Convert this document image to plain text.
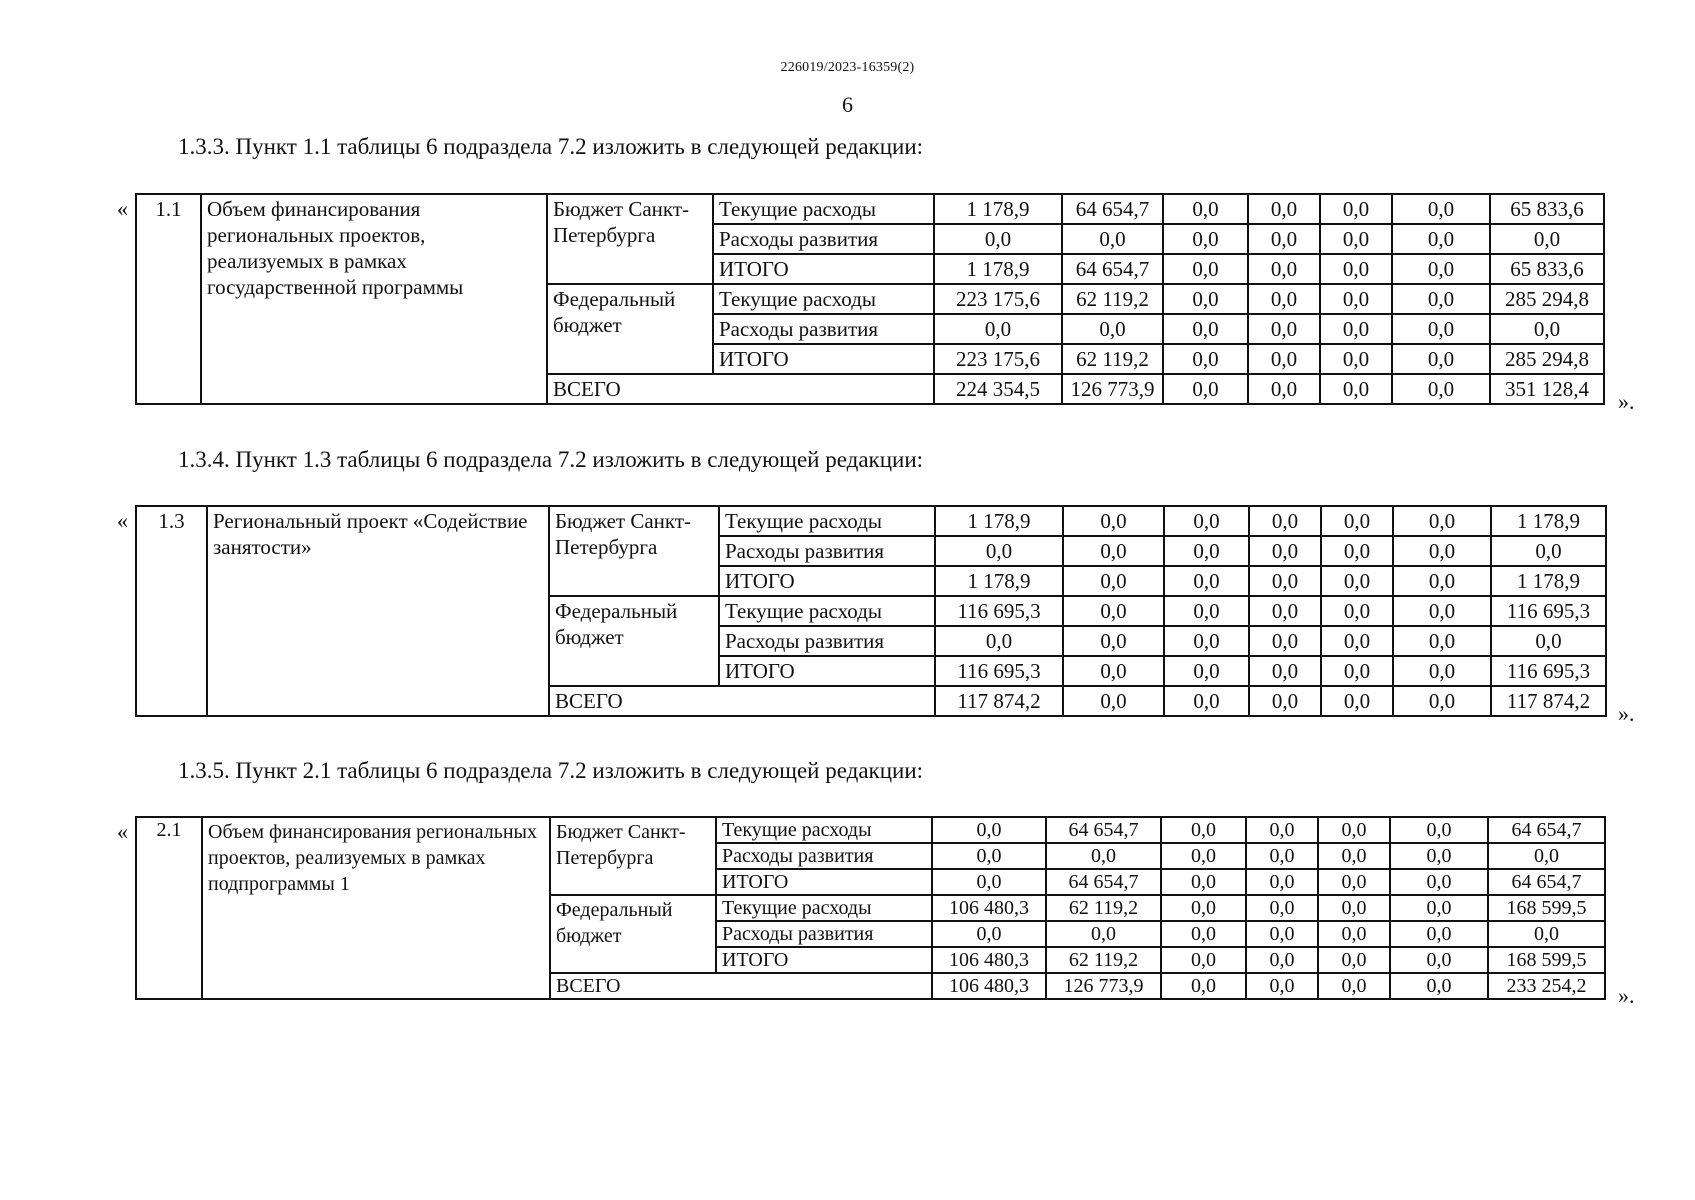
226019/2023-16359(2)
6
1.3.3. Пункт 1.1 таблицы 6 подраздела 7.2 изложить в следующей редакции:
« 1.1	Объем финансирования региональных проектов, реализуемых в рамках государственной программы	Бюджет Санкт-Петербурга	Текущие расходы	1 178,9	64 654,7	0,0	0,0	0,0	0,0	65 833,6
			Расходы развития	0,0	0,0	0,0	0,0	0,0	0,0	0,0
			ИТОГО	1 178,9	64 654,7	0,0	0,0	0,0	0,0	65 833,6
		Федеральный бюджет	Текущие расходы	223 175,6	62 119,2	0,0	0,0	0,0	0,0	285 294,8
			Расходы развития	0,0	0,0	0,0	0,0	0,0	0,0	0,0
			ИТОГО	223 175,6	62 119,2	0,0	0,0	0,0	0,0	285 294,8
		ВСЕГО		224 354,5	126 773,9	0,0	0,0	0,0	0,0	351 128,4 ».
1.3.4. Пункт 1.3 таблицы 6 подраздела 7.2 изложить в следующей редакции:
« 1.3	Региональный проект «Содействие занятости»	Бюджет Санкт-Петербурга	Текущие расходы	1 178,9	0,0	0,0	0,0	0,0	0,0	1 178,9
			Расходы развития	0,0	0,0	0,0	0,0	0,0	0,0	0,0
			ИТОГО	1 178,9	0,0	0,0	0,0	0,0	0,0	1 178,9
		Федеральный бюджет	Текущие расходы	116 695,3	0,0	0,0	0,0	0,0	0,0	116 695,3
			Расходы развития	0,0	0,0	0,0	0,0	0,0	0,0	0,0
			ИТОГО	116 695,3	0,0	0,0	0,0	0,0	0,0	116 695,3
		ВСЕГО		117 874,2	0,0	0,0	0,0	0,0	0,0	117 874,2 ».
1.3.5. Пункт 2.1 таблицы 6 подраздела 7.2 изложить в следующей редакции:
« 2.1	Объем финансирования региональных проектов, реализуемых в рамках подпрограммы 1	Бюджет Санкт-Петербурга	Текущие расходы	0,0	64 654,7	0,0	0,0	0,0	0,0	64 654,7
			Расходы развития	0,0	0,0	0,0	0,0	0,0	0,0	0,0
			ИТОГО	0,0	64 654,7	0,0	0,0	0,0	0,0	64 654,7
		Федеральный бюджет	Текущие расходы	106 480,3	62 119,2	0,0	0,0	0,0	0,0	168 599,5
			Расходы развития	0,0	0,0	0,0	0,0	0,0	0,0	0,0
			ИТОГО	106 480,3	62 119,2	0,0	0,0	0,0	0,0	168 599,5
		ВСЕГО		106 480,3	126 773,9	0,0	0,0	0,0	0,0	233 254,2 ».
